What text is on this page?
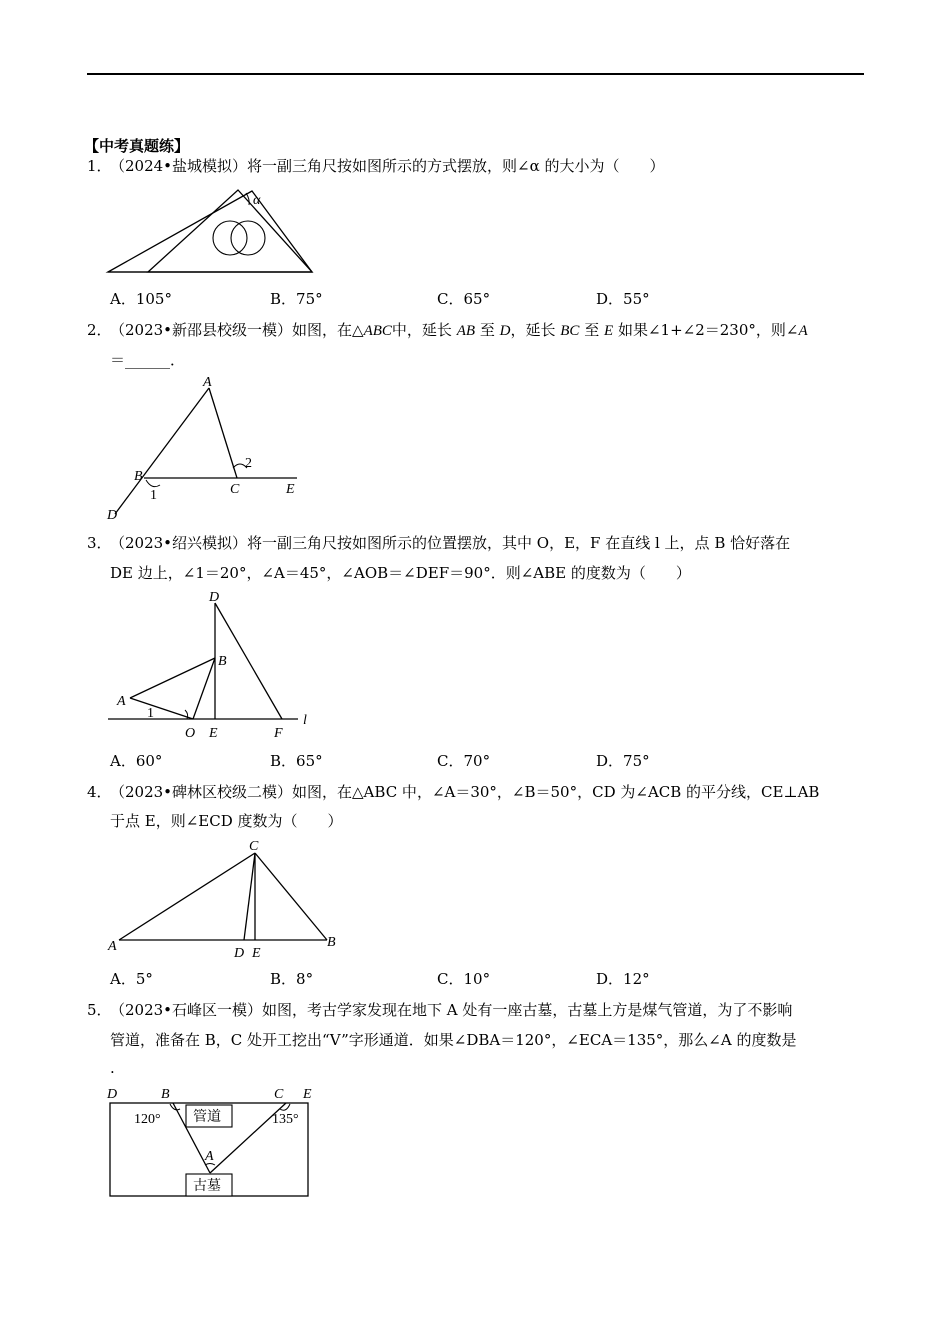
【中考真题练】
1．
（2024•盐城模拟）将一副三角尺按如图所示的方式摆放，则∠α 的大小为（　　）
α
A．105°	B．75°	C．65°	D．55°
2．
（2023•新邵县校级一模）如图，在△ABC中，延长 AB 至 D，延长 BC 至 E 如果∠1+∠2＝230°，则∠A
＝______．
A
B
C
D
E
1
2
3．
（2023•绍兴模拟）将一副三角尺按如图所示的位置摆放，其中 O，E，F 在直线 l 上，点 B 恰好落在
DE 边上，∠1＝20°，∠A＝45°，∠AOB＝∠DEF＝90°．则∠ABE 的度数为（　　）
D
B
A
1
O E	F
l
A．60°	B．65°	C．70°	D．75°
4．
（2023•碑林区校级二模）如图，在△ABC 中，∠A＝30°，∠B＝50°，CD 为∠ACB 的平分线，CE⊥AB
于点 E，则∠ECD 度数为（　　）
C
A	B
D E
A．5°	B．8°	C．10°	D．12°
5．
（2023•石峰区一模）如图，考古学家发现在地下 A 处有一座古墓，古墓上方是煤气管道，为了不影响
管道，准备在 B，C 处开工挖出“V”字形通道．如果∠DBA＝120°，∠ECA＝135°，那么∠A 的度数是
.
管道
古墓
D	B	C E
A
120°	135°
